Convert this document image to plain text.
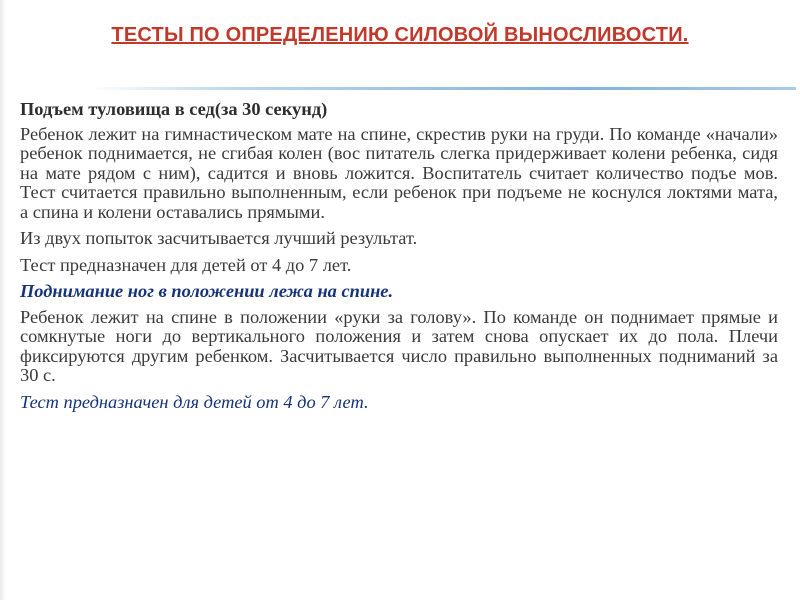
ТЕСТЫ ПО ОПРЕДЕЛЕНИЮ СИЛОВОЙ ВЫНОСЛИВОСТИ.

Подъем туловища в сед(за 30 секунд)

Ребенок лежит на гимнастическом мате на спине, скрестив руки на груди. По команде «начали» ребенок поднимается, не сгибая колен (вос питатель слегка придерживает колени ребенка, сидя на мате рядом с ним), садится и вновь ложится. Воспитатель считает количество подъе мов. Тест считается правильно выполненным, если ребенок при подъеме не коснулся локтями мата, а спина и колени оставались прямыми.

Из двух попыток засчитывается лучший результат.

Тест предназначен для детей от 4 до 7 лет.

Поднимание ног в положении лежа на спине.

Ребенок лежит на спине в положении «руки за голову». По команде он поднимает прямые и сомкнутые ноги до вертикального положения и затем снова опускает их до пола. Плечи фиксируются другим ребенком. Засчитывается число правильно выполненных подниманий за 30 с.

Тест предназначен для детей от 4 до 7 лет.
